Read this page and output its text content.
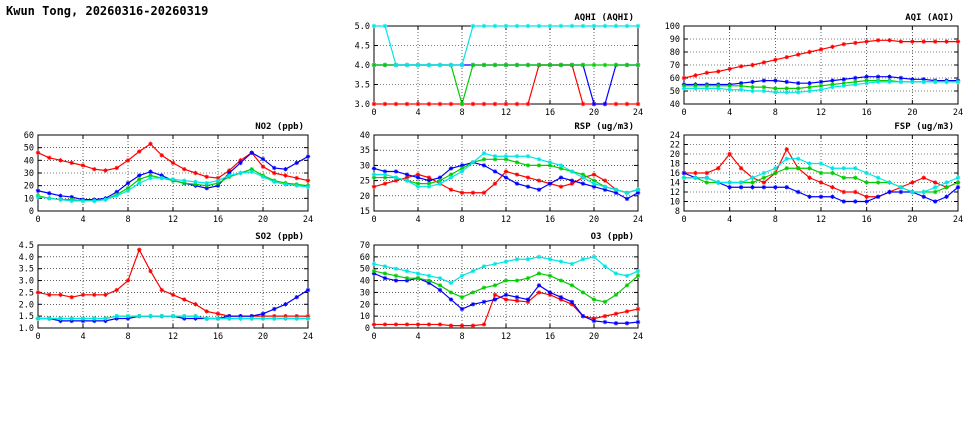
Kwun Tong, 20260316-20260319
0	4	8	12	16	20	24
3.0
3.5
4.0
4.5
5.0
AQHI (AQHI)
0	4	8	12	16	20	24
40
50
60
70
80
90
100
AQI (AQI)
0	4	8	12	16	20	24
0
10
20
30
40
50
60
NO2 (ppb)
0	4	8	12	16	20	24
15
20
25
30
35
40
RSP (ug/m3)
0	4	8	12	16	20	24
8
10
12
14
16
18
20
22
24
FSP (ug/m3)
0	4	8	12	16	20	24
1.0
1.5
2.0
2.5
3.0
3.5
4.0
4.5
SO2 (ppb)
0	4	8	12	16	20	24
0
10
20
30
40
50
60
70
O3 (ppb)
